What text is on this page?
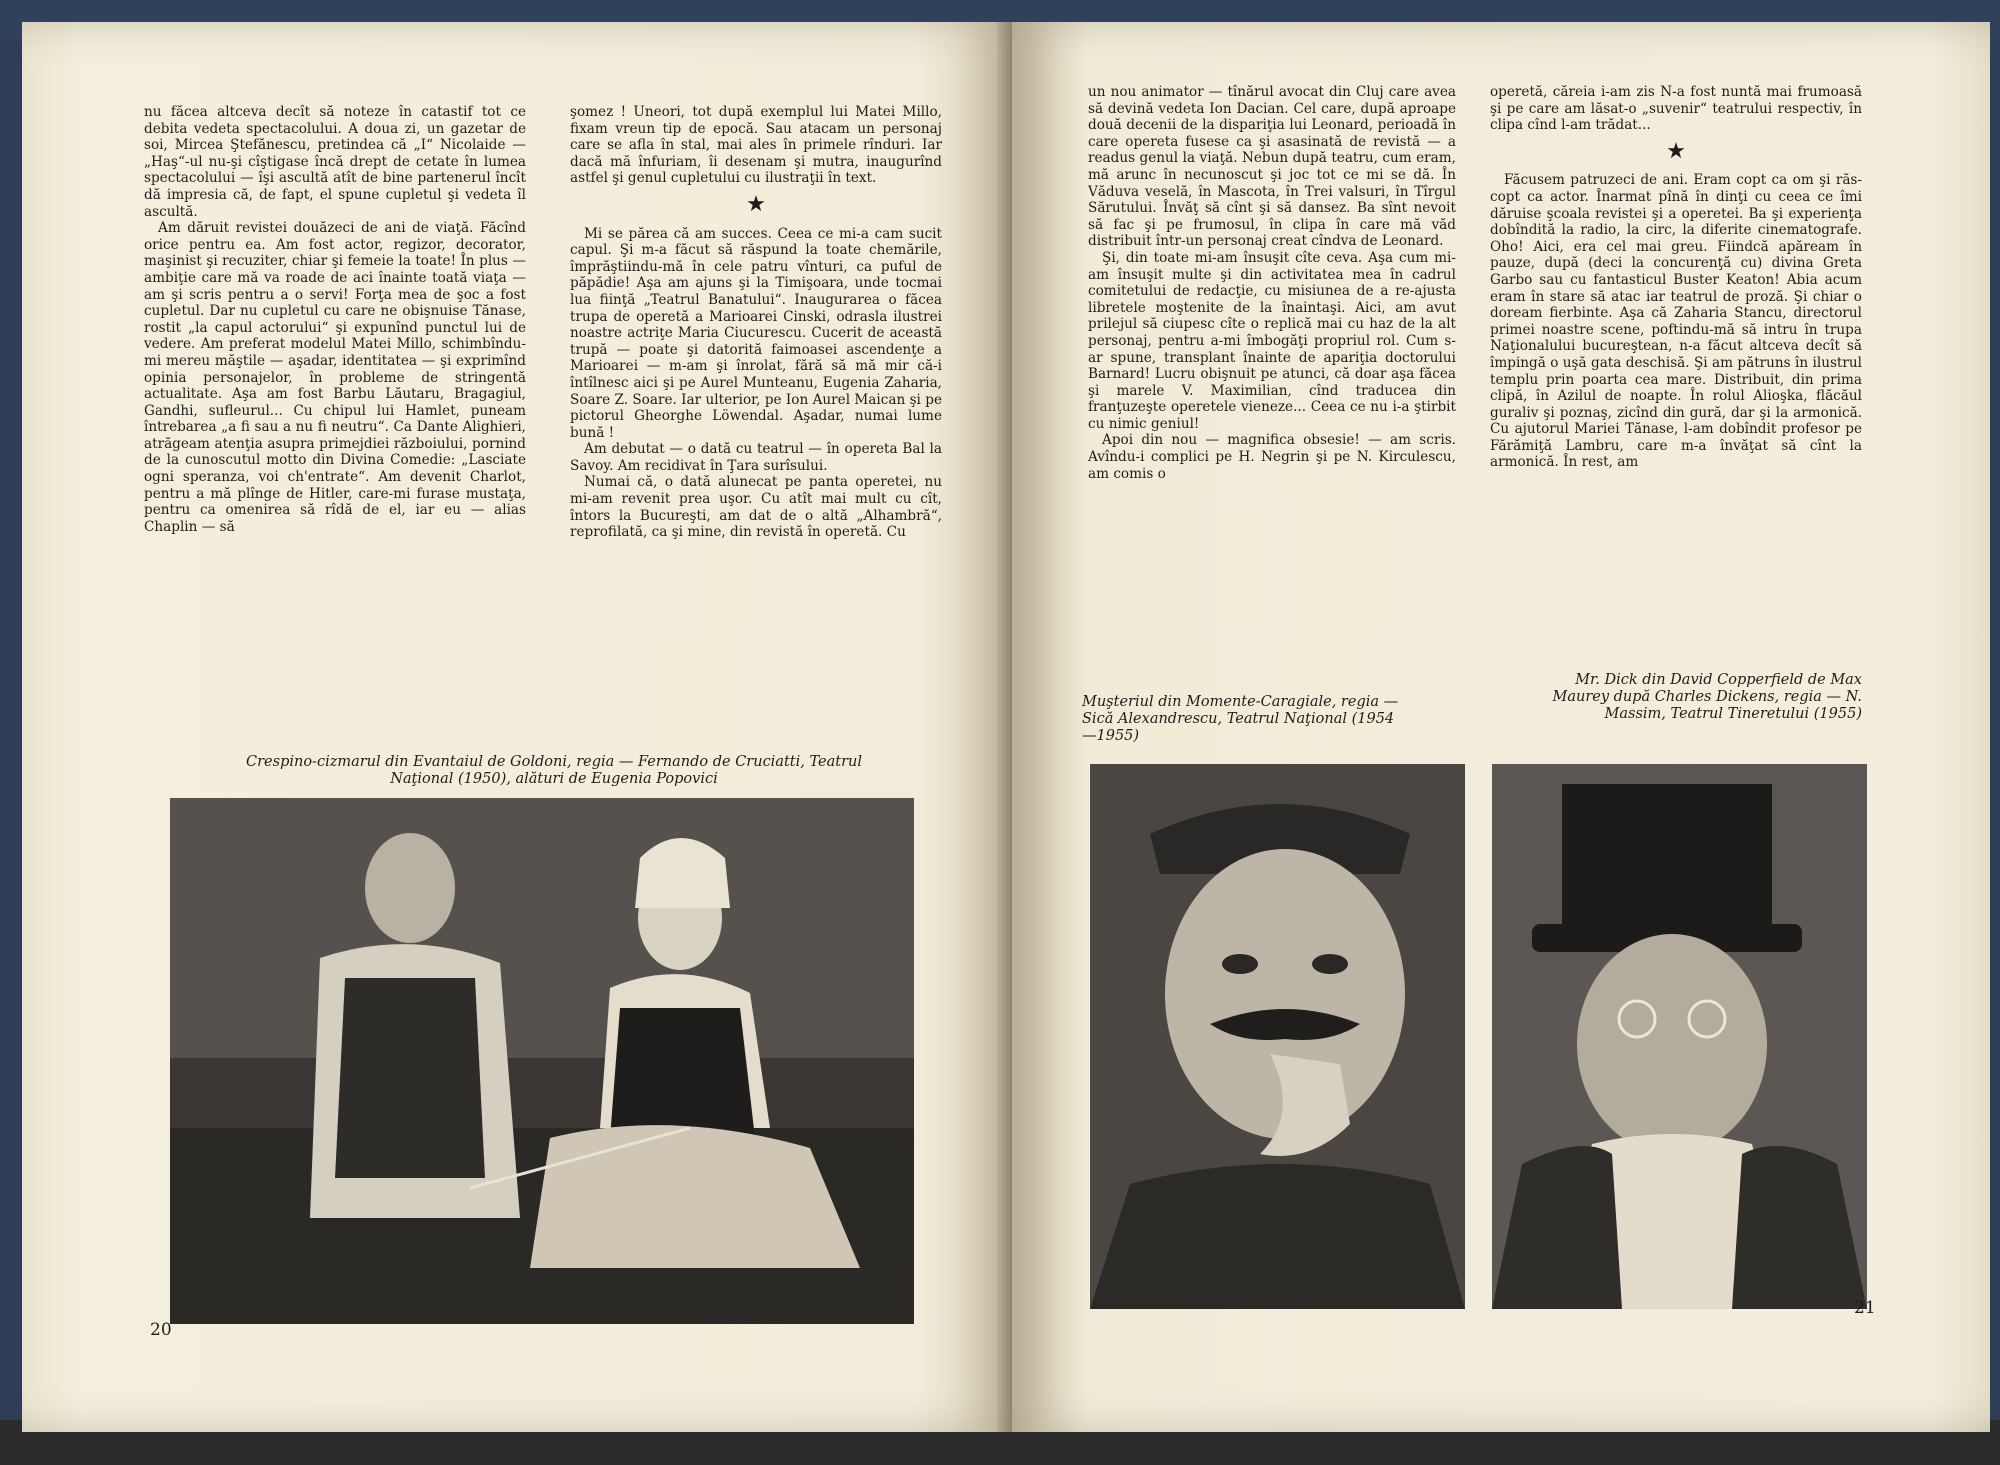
nu făcea altceva decît să noteze în catastif tot ce debita vedeta spectacolului. A doua zi, un gazetar de soi, Mircea Ştefănescu, pretindea că „I“ Nicolaide — „Haş“-ul nu-şi cîştigase încă drept de cetate în lumea spectacolului — îşi ascultă atît de bine partenerul încît dă impresia că, de fapt, el spune cupletul şi vedeta îl ascultă.

Am dăruit revistei douăzeci de ani de viaţă. Făcînd orice pentru ea. Am fost actor, regizor, decorator, maşinist şi recuziter, chiar şi femeie la toate! În plus — ambiţie care mă va roade de aci înainte toată viaţa — am şi scris pentru a o servi! Forţa mea de şoc a fost cupletul. Dar nu cupletul cu care ne obişnuise Tănase, rostit „la capul actorului“ şi expunînd punctul lui de vedere. Am preferat modelul Matei Millo, schimbîndu-mi mereu măştile — aşadar, identitatea — şi exprimînd opinia personajelor, în probleme de stringentă actualitate. Aşa am fost Barbu Lăutaru, Bragagiul, Gandhi, sufleurul... Cu chipul lui Hamlet, puneam întrebarea „a fi sau a nu fi neutru“. Ca Dante Alighieri, atrăgeam atenţia asupra primejdiei războiului, pornind de la cunoscutul motto din Divina Comedie: „Lasciate ogni speranza, voi ch'entrate“. Am devenit Charlot, pentru a mă plînge de Hitler, care-mi furase mustaţa, pentru ca omenirea să rîdă de el, iar eu — alias Chaplin — să

şomez ! Uneori, tot după exemplul lui Matei Millo, fixam vreun tip de epocă. Sau atacam un personaj care se afla în stal, mai ales în primele rînduri. Iar dacă mă înfuriam, îi desenam şi mutra, inaugurînd astfel şi genul cupletului cu ilustraţii în text.

★

Mi se părea că am succes. Ceea ce mi-a cam sucit capul. Şi m-a făcut să răspund la toate chemările, împrăştiindu-mă în cele patru vînturi, ca puful de păpădie! Aşa am ajuns şi la Timişoara, unde tocmai lua fiinţă „Teatrul Banatului“. Inaugurarea o făcea trupa de operetă a Marioarei Cinski, odrasla ilustrei noastre actriţe Maria Ciucurescu. Cucerit de această trupă — poate şi datorită faimoasei ascendenţe a Marioarei — m-am şi înrolat, fără să mă mir că-i întîlnesc aici şi pe Aurel Munteanu, Eugenia Zaharia, Soare Z. Soare. Iar ulterior, pe Ion Aurel Maican şi pe pictorul Gheorghe Löwendal. Aşadar, numai lume bună !

Am debutat — o dată cu teatrul — în opereta Bal la Savoy. Am recidivat în Ţara surîsului.

Numai că, o dată alunecat pe panta operetei, nu mi-am revenit prea uşor. Cu atît mai mult cu cît, întors la Bucureşti, am dat de o altă „Alhambră“, reprofilată, ca şi mine, din revistă în operetă. Cu

Crespino-cizmarul din Evantaiul de Goldoni, regia — Fernando de Cruciatti, Teatrul Naţional (1950), alături de Eugenia Popovici
20

un nou animator — tînărul avocat din Cluj care avea să devină vedeta Ion Dacian. Cel care, după aproape două decenii de la dispariţia lui Leonard, perioadă în care opereta fusese ca şi asasinată de revistă — a readus genul la viaţă. Nebun după teatru, cum eram, mă arunc în necunoscut şi joc tot ce mi se dă. În Văduva veselă, în Mascota, în Trei valsuri, în Tîrgul Sărutului. Învăţ să cînt şi să dansez. Ba sînt nevoit să fac şi pe frumosul, în clipa în care mă văd distribuit într-un personaj creat cîndva de Leonard.

Şi, din toate mi-am însuşit cîte ceva. Aşa cum mi-am însuşit multe şi din activitatea mea în cadrul comitetului de redacţie, cu misiunea de a re-ajusta libretele moştenite de la înaintaşi. Aici, am avut prilejul să ciupesc cîte o replică mai cu haz de la alt personaj, pentru a-mi îmbogăţi propriul rol. Cum s-ar spune, transplant înainte de apariţia doctorului Barnard! Lucru obişnuit pe atunci, că doar aşa făcea şi marele V. Maximilian, cînd traducea din franţuzeşte operetele vieneze... Ceea ce nu i-a ştirbit cu nimic geniul!

Apoi din nou — magnifica obsesie! — am scris. Avîndu-i complici pe H. Negrin şi pe N. Kirculescu, am comis o

operetă, căreia i-am zis N-a fost nuntă mai frumoasă şi pe care am lăsat-o „suvenir“ teatrului respectiv, în clipa cînd l-am trădat...

★

Făcusem patruzeci de ani. Eram copt ca om şi răs-copt ca actor. Înarmat pînă în dinţi cu ceea ce îmi dăruise şcoala revistei şi a operetei. Ba şi experienţa dobîndită la radio, la circ, la diferite cinematografe. Oho! Aici, era cel mai greu. Fiindcă apăream în pauze, după (deci la concurenţă cu) divina Greta Garbo sau cu fantasticul Buster Keaton! Abia acum eram în stare să atac iar teatrul de proză. Şi chiar o doream fierbinte. Aşa că Zaharia Stancu, directorul primei noastre scene, poftindu-mă să intru în trupa Naţionalului bucureştean, n-a făcut altceva decît să împingă o uşă gata deschisă. Şi am pătruns în ilustrul templu prin poarta cea mare. Distribuit, din prima clipă, în Azilul de noapte. În rolul Alioşka, flăcăul guraliv şi poznaş, zicînd din gură, dar şi la armonică. Cu ajutorul Mariei Tănase, l-am dobîndit profesor pe Fărămiţă Lambru, care m-a învăţat să cînt la armonică. În rest, am

Muşteriul din Momente-Caragiale, regia — Sică Alexandrescu, Teatrul Naţional (1954—1955)
Mr. Dick din David Copperfield de Max Maurey după Charles Dickens, regia — N. Massim, Teatrul Tineretului (1955)
21
